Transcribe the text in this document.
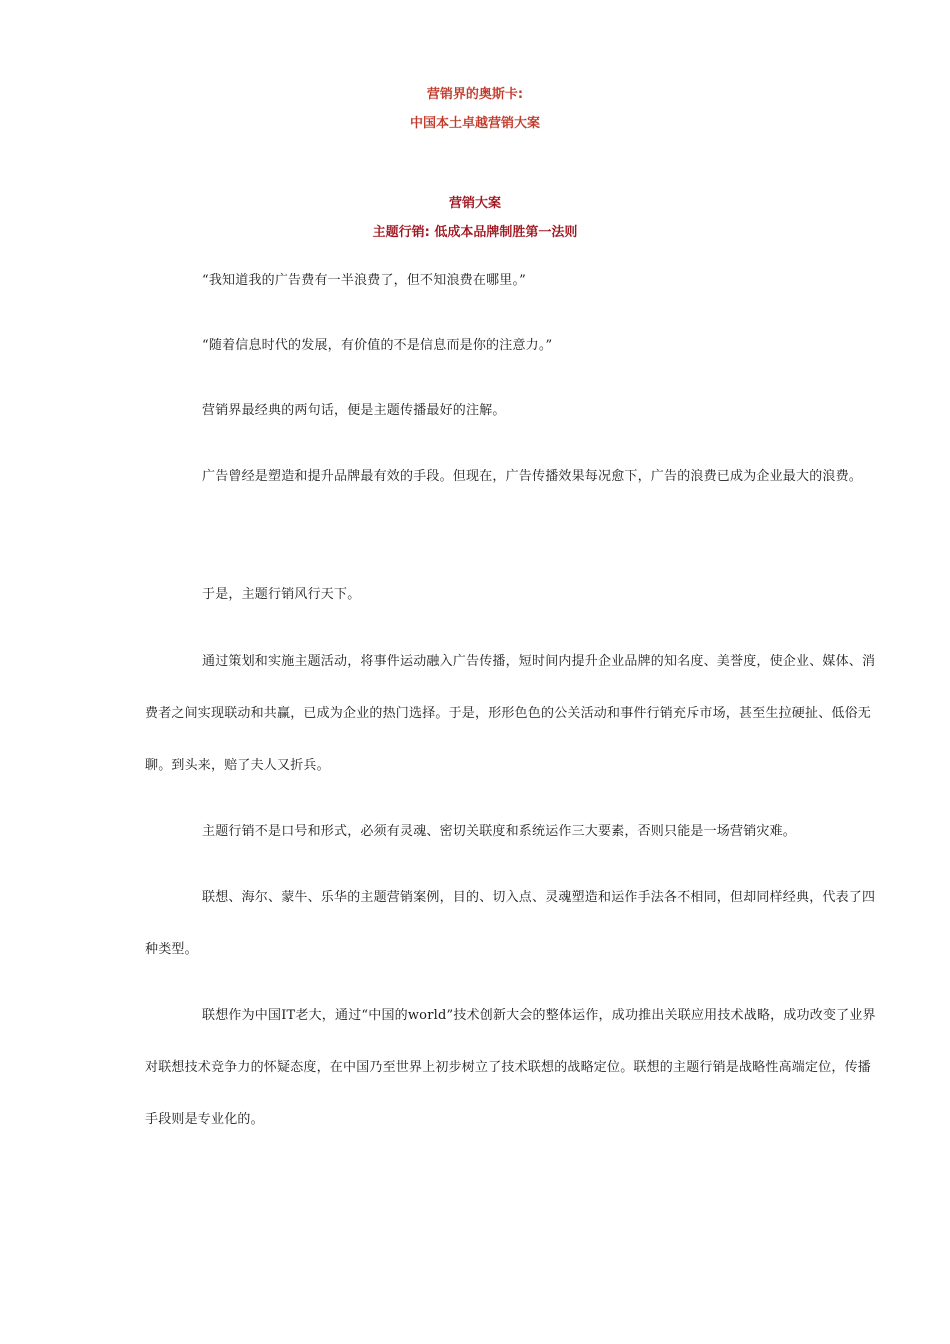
营销界的奥斯卡:
中国本土卓越营销大案
营销大案
主题行销: 低成本品牌制胜第一法则
“我知道我的广告费有一半浪费了，但不知浪费在哪里。”
“随着信息时代的发展，有价值的不是信息而是你的注意力。”
营销界最经典的两句话，便是主题传播最好的注解。
广告曾经是塑造和提升品牌最有效的手段。但现在，广告传播效果每况愈下，广告的浪费已成为企业最大的浪费。
于是，主题行销风行天下。
通过策划和实施主题活动，将事件运动融入广告传播，短时间内提升企业品牌的知名度、美誉度，使企业、媒体、消费者之间实现联动和共赢，已成为企业的热门选择。于是，形形色色的公关活动和事件行销充斥市场，甚至生拉硬扯、低俗无聊。到头来，赔了夫人又折兵。
主题行销不是口号和形式，必须有灵魂、密切关联度和系统运作三大要素，否则只能是一场营销灾难。
联想、海尔、蒙牛、乐华的主题营销案例，目的、切入点、灵魂塑造和运作手法各不相同，但却同样经典，代表了四种类型。
联想作为中国IT老大，通过“中国的world”技术创新大会的整体运作，成功推出关联应用技术战略，成功改变了业界对联想技术竞争力的怀疑态度，在中国乃至世界上初步树立了技术联想的战略定位。联想的主题行销是战略性高端定位，传播手段则是专业化的。
